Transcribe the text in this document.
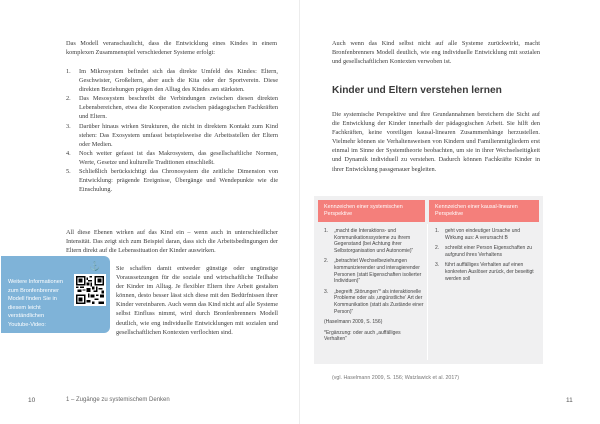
Das Modell veranschaulicht, dass die Entwicklung eines Kindes in einem komplexen Zusammenspiel verschiedener Systeme erfolgt:

1. Im Mikrosystem befindet sich das direkte Umfeld des Kindes: Eltern, Geschwister, Großeltern, aber auch die Kita oder der Sportverein. Diese direkten Beziehungen prägen den Alltag des Kindes am stärksten.
2. Das Mesosystem beschreibt die Verbindungen zwischen diesen direkten Lebensbereichen, etwa die Kooperation zwischen pädagogischen Fachkräften und Eltern.
3. Darüber hinaus wirken Strukturen, die nicht in direktem Kontakt zum Kind stehen: Das Exosystem umfasst beispielsweise die Arbeitsstellen der Eltern oder Medien.
4. Noch weiter gefasst ist das Makrosystem, das gesellschaftliche Normen, Werte, Gesetze und kulturelle Traditionen einschließt.
5. Schließlich berücksichtigt das Chronosystem die zeitliche Dimension von Entwicklung: prägende Ereignisse, Übergänge und Wendepunkte wie die Einschulung.

All diese Ebenen wirken auf das Kind ein – wenn auch in unterschiedlicher Intensität. Das zeigt sich zum Beispiel daran, dass sich die Arbeitsbedingungen der Eltern direkt auf die Lebenssituation der Kinder auswirken.

Sie schaffen damit entweder günstige oder ungünstige Voraussetzungen für die soziale und wirtschaftliche Teilhabe der Kinder im Alltag. Je flexibler Eltern ihre Arbeit gestalten können, desto besser lässt sich diese mit den Bedürfnissen ihrer Kinder vereinbaren. Auch wenn das Kind nicht auf alle Systeme selbst Einfluss nimmt, wird durch Bronfenbrenners Modell deutlich, wie eng individuelle Entwicklungen mit sozialen und gesellschaftlichen Kontexten verflochten sind.

⚓

Weitere Informationen zum Bronfenbrenner Modell finden Sie in diesem leicht verständlichen Youtube-Video:

10	1 – Zugänge zu systemischem Denken

Auch wenn das Kind selbst nicht auf alle Systeme zurückwirkt, macht Bronfenbrenners Modell deutlich, wie eng individuelle Entwicklung mit sozialen und gesellschaftlichen Kontexten verwoben ist.

Kinder und Eltern verstehen lernen

Die systemische Perspektive und ihre Grundannahmen bereichern die Sicht auf die Entwicklung der Kinder innerhalb der pädagogischen Arbeit. Sie hilft den Fachkräften, keine voreiligen kausal-linearen Zusammenhänge herzustellen. Vielmehr können sie Verhaltensweisen von Kindern und Familienmitgliedern erst einmal im Sinne der Systemtheorie beobachten, um sie in ihrer Wechselseitigkeit und Dynamik individuell zu verstehen. Dadurch können Fachkräfte Kinder in ihrer Entwicklung passgenauer begleiten.

Kennzeichen einer systemischen Perspektive
Kennzeichen einer kausal-linearen Perspektive
1. „macht die Interaktions- und Kommunikationssysteme zu ihrem Gegenstand (bei Achtung ihrer Selbstorganisation und Autonomie)“
2. „betrachtet Wechselbeziehungen kommunizierender und interagierender Personen (statt Eigenschaften isolierter Individuen)“
3. „begreift ‚Störungen‘* als interaktionelle Probleme oder als ‚ungünstliche‘ Art der Kommunikation (statt als Zustände einer Person)“
(Haselmann 2009, S. 156)
*Ergänzung: oder auch „auffälliges Verhalten“
1. geht von eindeutiger Ursache und Wirkung aus: A verursacht B
2. schreibt einer Person Eigenschaften zu aufgrund ihres Verhaltens
3. führt auffälliges Verhalten auf einen konkreten Auslöser zurück, der beseitigt werden soll

(vgl. Haselmann 2009, S. 156; Watzlawick et al. 2017)

11
